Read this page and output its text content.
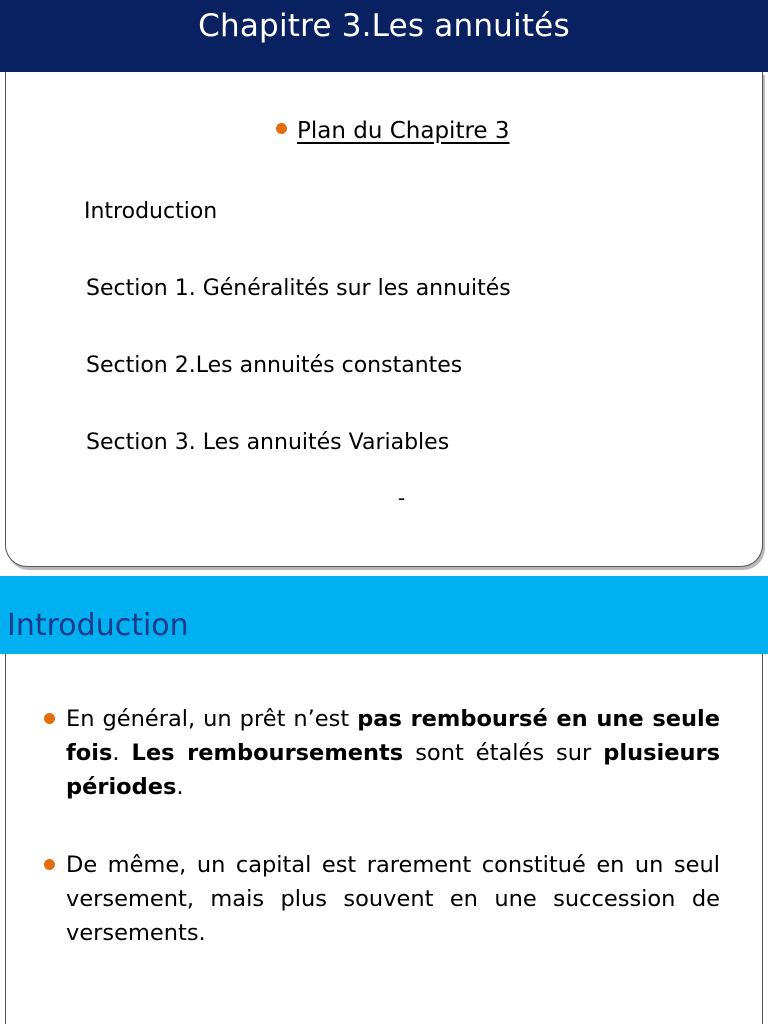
Chapitre 3.Les annuités
Plan du Chapitre 3
Introduction
Section 1. Généralités sur les annuités
Section 2.Les annuités constantes
Section 3. Les annuités Variables
-
Introduction
En général, un prêt n’est pas remboursé en une seule fois. Les remboursements sont étalés sur plusieurs périodes.
De même, un capital est rarement constitué en un seul versement, mais plus souvent en une succession de versements.
